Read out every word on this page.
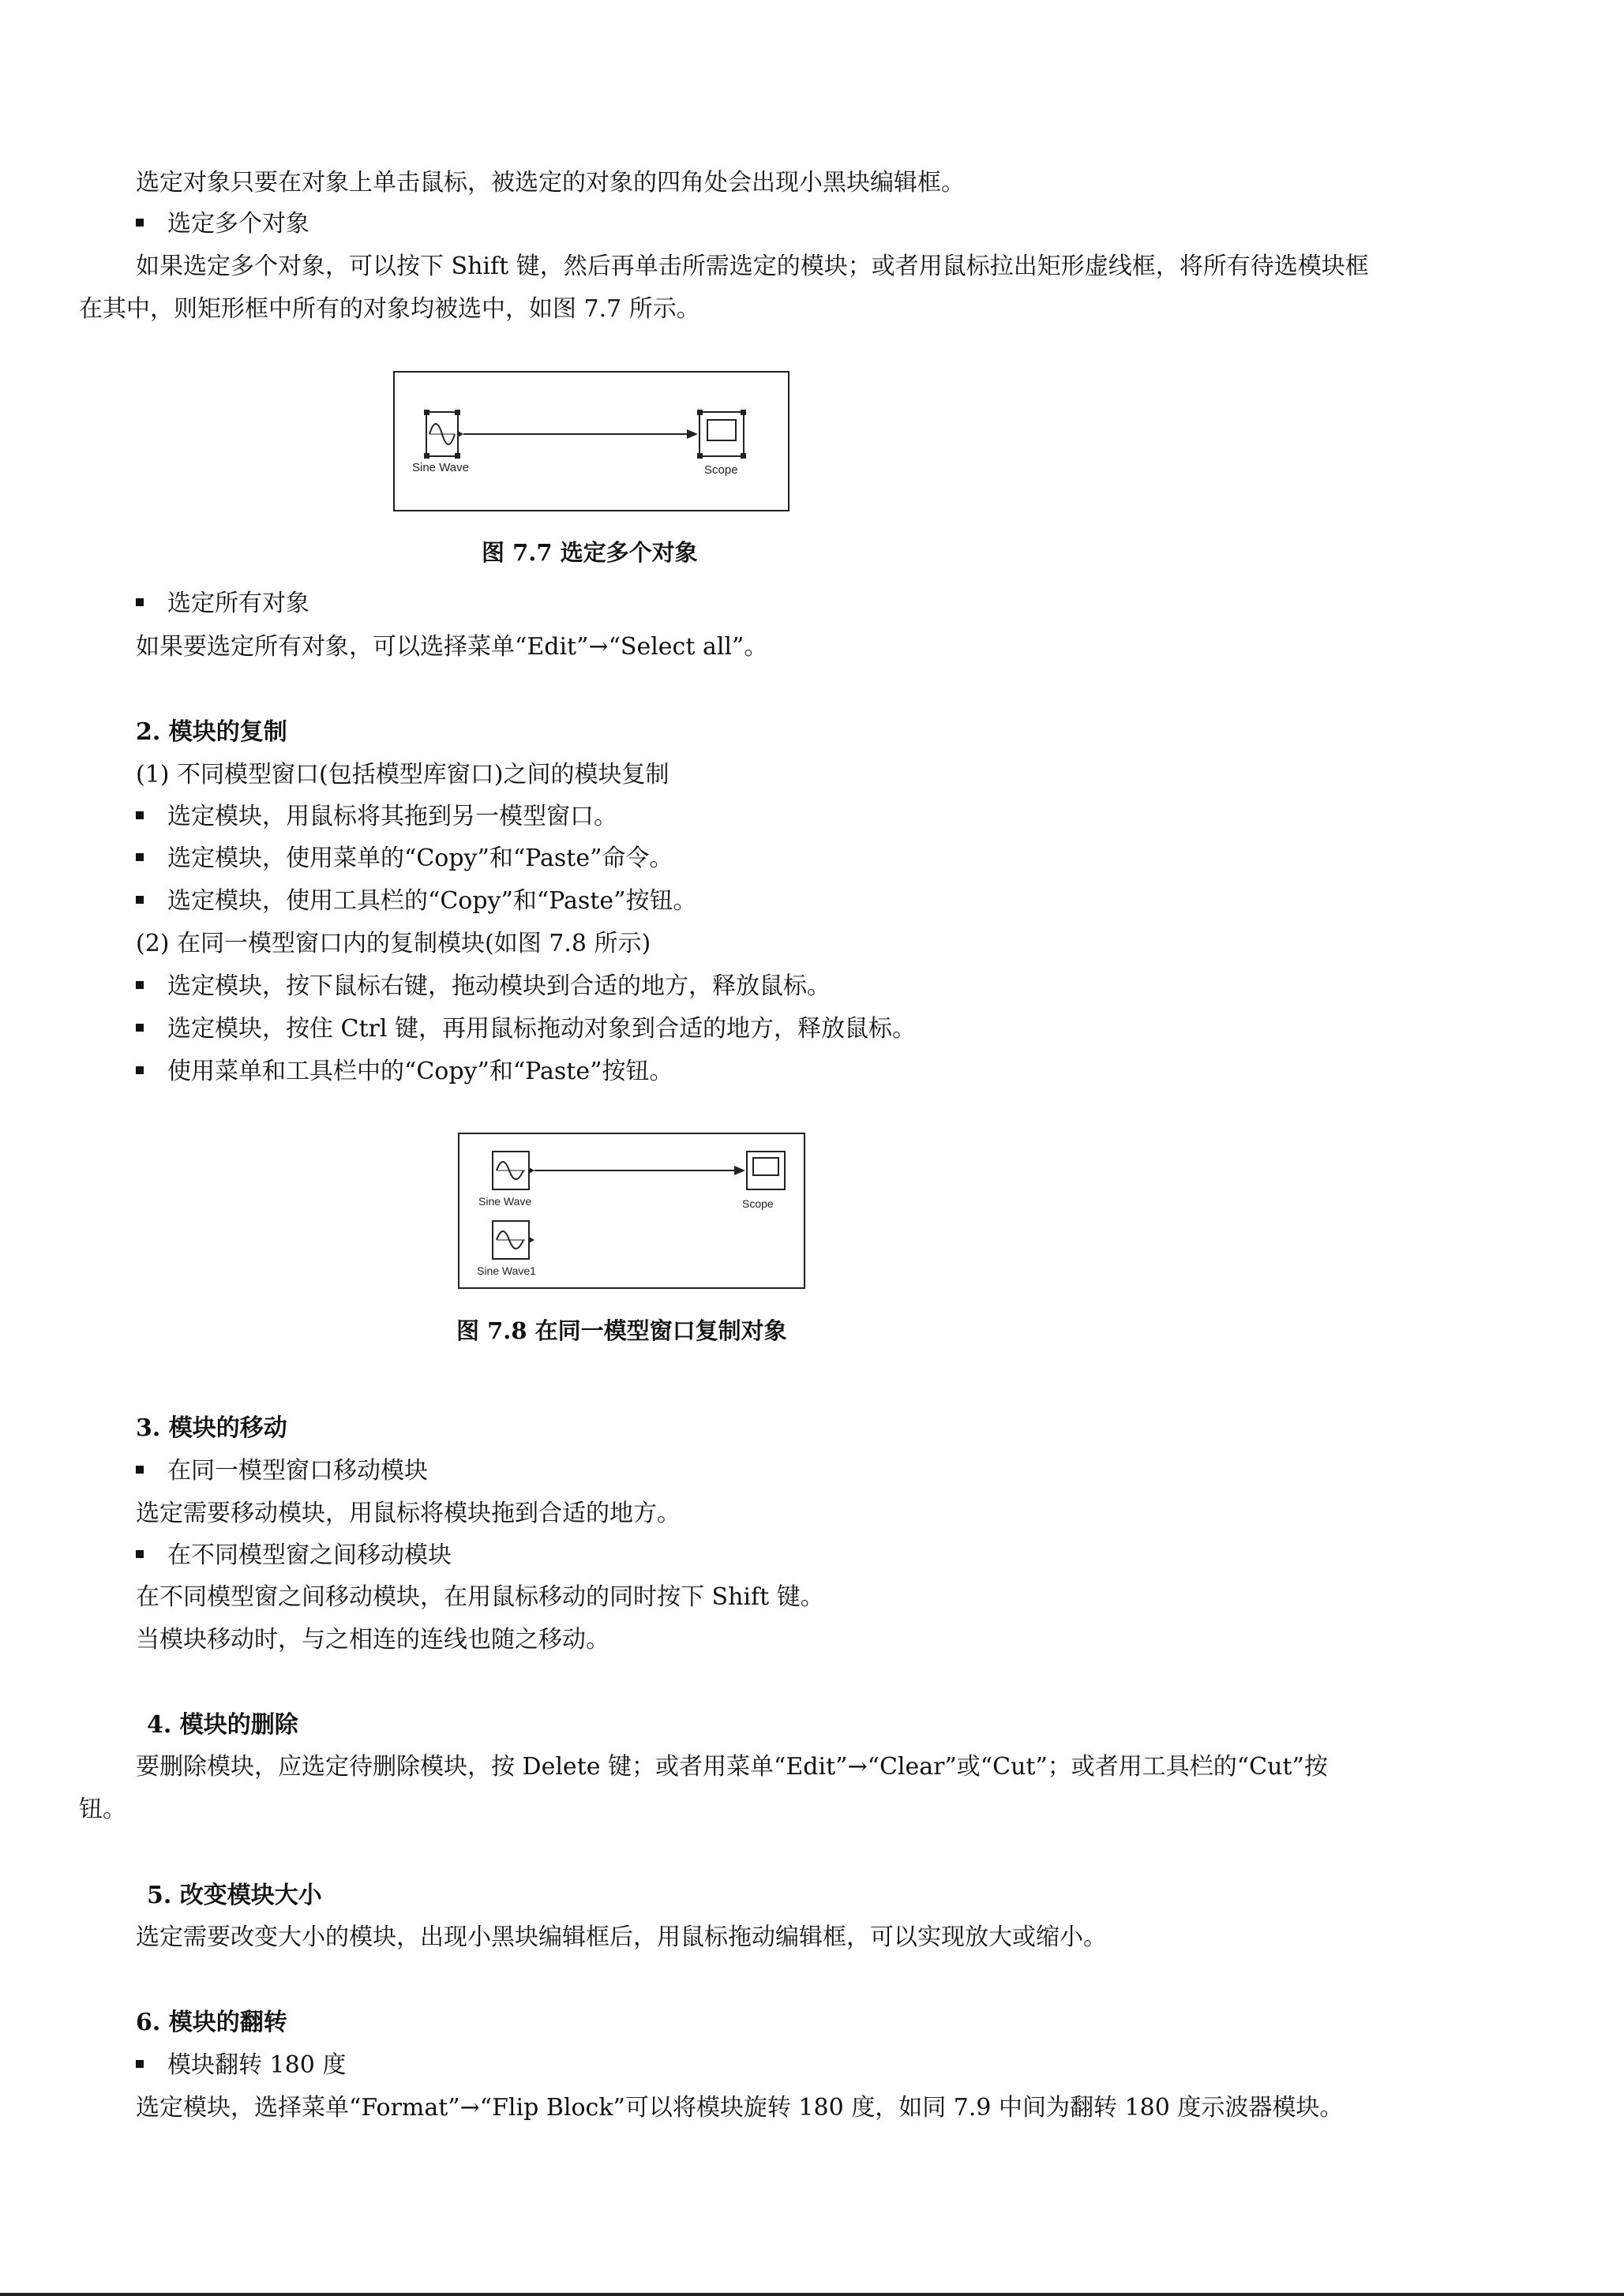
选定对象只要在对象上单击鼠标，被选定的对象的四角处会出现小黑块编辑框。

选定多个对象

如果选定多个对象，可以按下 Shift 键，然后再单击所需选定的模块；或者用鼠标拉出矩形虚线框，将所有待选模块框

在其中，则矩形框中所有的对象均被选中，如图 7.7 所示。

Sine Wave	Scope

图 7.7 选定多个对象

选定所有对象

如果要选定所有对象，可以选择菜单“Edit”→“Select all”。

2. 模块的复制

(1) 不同模型窗口(包括模型库窗口)之间的模块复制

选定模块，用鼠标将其拖到另一模型窗口。

选定模块，使用菜单的“Copy”和“Paste”命令。

选定模块，使用工具栏的“Copy”和“Paste”按钮。

(2) 在同一模型窗口内的复制模块(如图 7.8 所示)

选定模块，按下鼠标右键，拖动模块到合适的地方，释放鼠标。

选定模块，按住 Ctrl 键，再用鼠标拖动对象到合适的地方，释放鼠标。

使用菜单和工具栏中的“Copy”和“Paste”按钮。

Sine Wave	Scope
Sine Wave1

图 7.8 在同一模型窗口复制对象

3. 模块的移动

在同一模型窗口移动模块

选定需要移动模块，用鼠标将模块拖到合适的地方。

在不同模型窗之间移动模块

在不同模型窗之间移动模块，在用鼠标移动的同时按下 Shift 键。

当模块移动时，与之相连的连线也随之移动。

4. 模块的删除

要删除模块，应选定待删除模块，按 Delete 键；或者用菜单“Edit”→“Clear”或“Cut”；或者用工具栏的“Cut”按

钮。

5. 改变模块大小

选定需要改变大小的模块，出现小黑块编辑框后，用鼠标拖动编辑框，可以实现放大或缩小。

6. 模块的翻转

模块翻转 180 度

选定模块，选择菜单“Format”→“Flip Block”可以将模块旋转 180 度，如同 7.9 中间为翻转 180 度示波器模块。
